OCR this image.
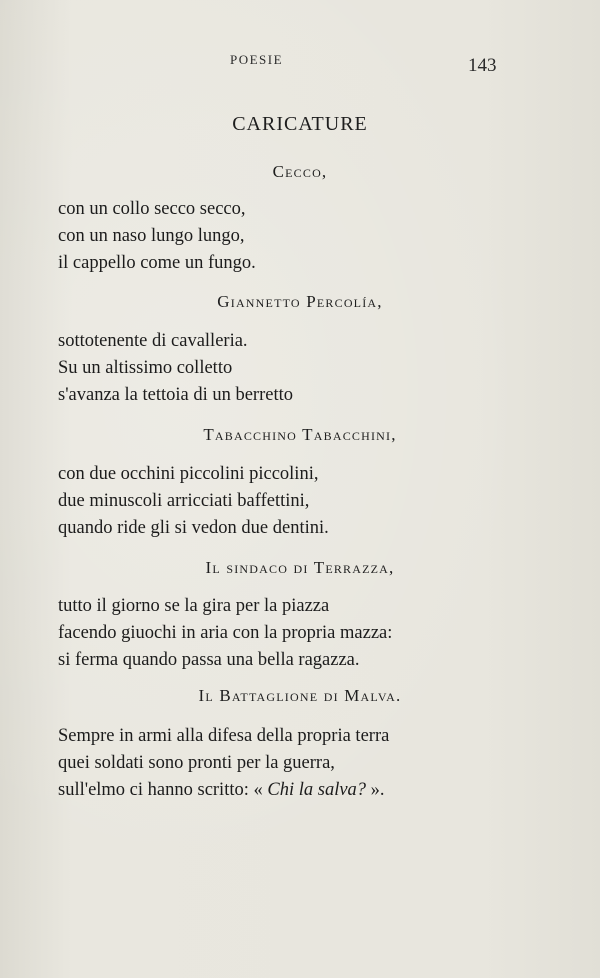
POESIE	143
CARICATURE
Cecco,
con un collo secco secco,
con un naso lungo lungo,
il cappello come un fungo.
Giannetto Percolía,
sottotenente di cavalleria.
Su un altissimo colletto
s'avanza la tettoia di un berretto
Tabacchino Tabacchini,
con due occhini piccolini piccolini,
due minuscoli arricciati baffettini,
quando ride gli si vedon due dentini.
Il sindaco di Terrazza,
tutto il giorno se la gira per la piazza
facendo giuochi in aria con la propria mazza:
si ferma quando passa una bella ragazza.
Il Battaglione di Malva.
Sempre in armi alla difesa della propria terra
quei soldati sono pronti per la guerra,
sull'elmo ci hanno scritto: « Chi la salva? ».
